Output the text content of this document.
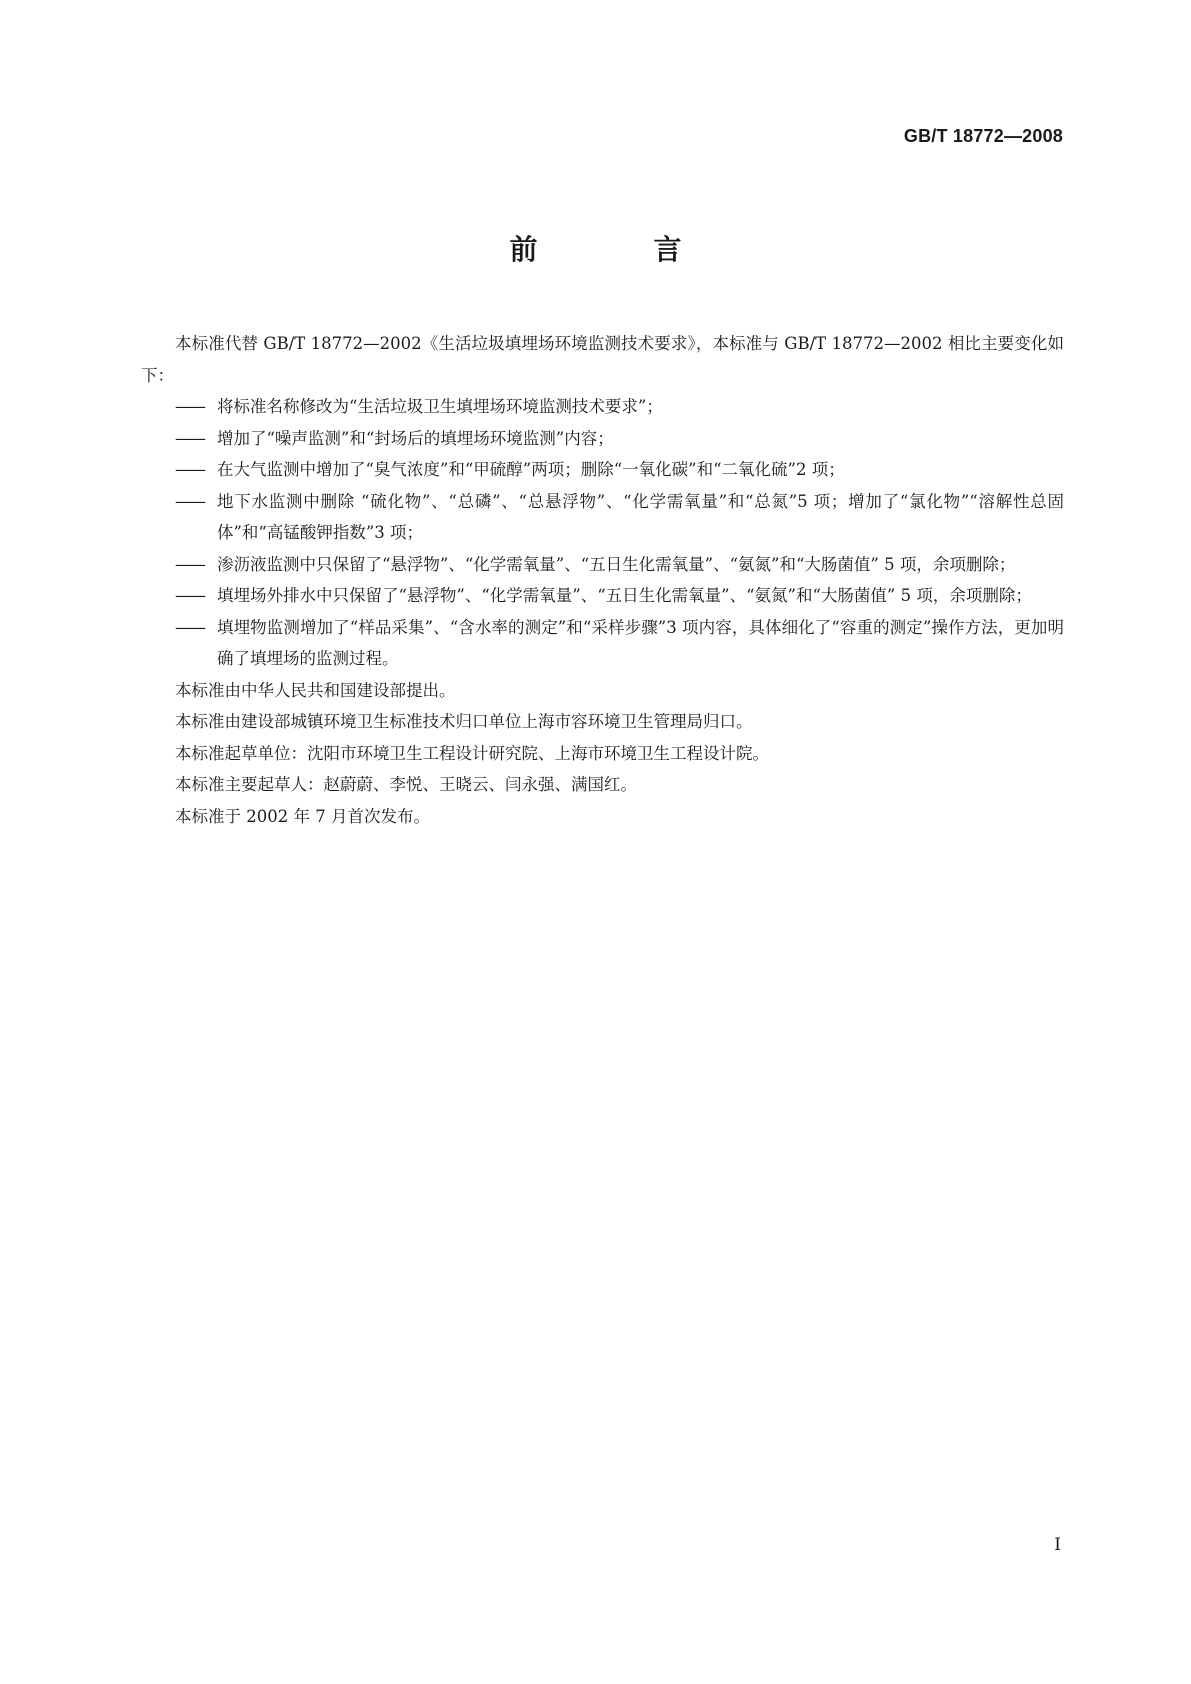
GB/T 18772—2008
前　言

本标准代替 GB/T 18772—2002《生活垃圾填埋场环境监测技术要求》，本标准与 GB/T 18772—2002 相比主要变化如下：

—— 将标准名称修改为“生活垃圾卫生填埋场环境监测技术要求”；

—— 增加了“噪声监测”和“封场后的填埋场环境监测”内容；

—— 在大气监测中增加了“臭气浓度”和“甲硫醇”两项；删除“一氧化碳”和“二氧化硫”2 项；

—— 地下水监测中删除 “硫化物”、“总磷”、“总悬浮物”、“化学需氧量”和“总氮”5 项；增加了“氯化物”“溶解性总固体”和“高锰酸钾指数”3 项；

—— 渗沥液监测中只保留了“悬浮物”、“化学需氧量”、“五日生化需氧量”、“氨氮”和“大肠菌值” 5 项，余项删除；

—— 填埋场外排水中只保留了“悬浮物”、“化学需氧量”、“五日生化需氧量”、“氨氮”和“大肠菌值” 5 项，余项删除；

—— 填埋物监测增加了“样品采集”、“含水率的测定”和“采样步骤”3 项内容，具体细化了“容重的测定”操作方法，更加明确了填埋场的监测过程。

本标准由中华人民共和国建设部提出。

本标准由建设部城镇环境卫生标准技术归口单位上海市容环境卫生管理局归口。

本标准起草单位：沈阳市环境卫生工程设计研究院、上海市环境卫生工程设计院。

本标准主要起草人：赵蔚蔚、李悦、王晓云、闫永强、满国红。

本标准于 2002 年 7 月首次发布。

I
